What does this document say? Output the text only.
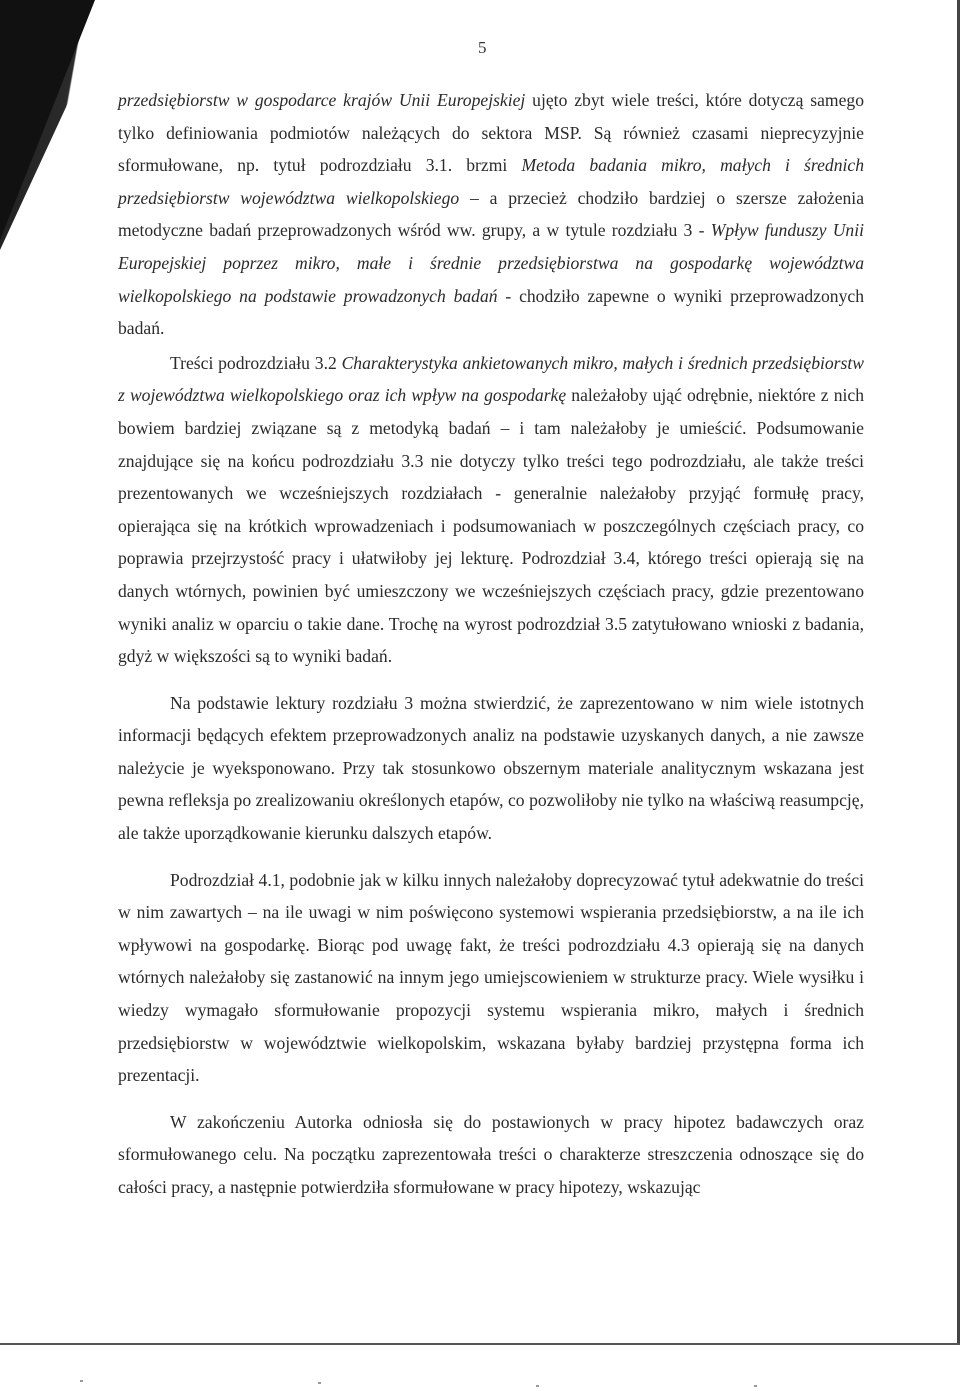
5

przedsiębiorstw w gospodarce krajów Unii Europejskiej ujęto zbyt wiele treści, które dotyczą samego tylko definiowania podmiotów należących do sektora MSP. Są również czasami nieprecyzyjnie sformułowane, np. tytuł podrozdziału 3.1. brzmi Metoda badania mikro, małych i średnich przedsiębiorstw województwa wielkopolskiego – a przecież chodziło bardziej o szersze założenia metodyczne badań przeprowadzonych wśród ww. grupy, a w tytule rozdziału 3 - Wpływ funduszy Unii Europejskiej poprzez mikro, małe i średnie przedsiębiorstwa na gospodarkę województwa wielkopolskiego na podstawie prowadzonych badań - chodziło zapewne o wyniki przeprowadzonych badań.

Treści podrozdziału 3.2 Charakterystyka ankietowanych mikro, małych i średnich przedsiębiorstw z województwa wielkopolskiego oraz ich wpływ na gospodarkę należałoby ująć odrębnie, niektóre z nich bowiem bardziej związane są z metodyką badań – i tam należałoby je umieścić. Podsumowanie znajdujące się na końcu podrozdziału 3.3 nie dotyczy tylko treści tego podrozdziału, ale także treści prezentowanych we wcześniejszych rozdziałach - generalnie należałoby przyjąć formułę pracy, opierająca się na krótkich wprowadzeniach i podsumowaniach w poszczególnych częściach pracy, co poprawia przejrzystość pracy i ułatwiłoby jej lekturę. Podrozdział 3.4, którego treści opierają się na danych wtórnych, powinien być umieszczony we wcześniejszych częściach pracy, gdzie prezentowano wyniki analiz w oparciu o takie dane. Trochę na wyrost podrozdział 3.5 zatytułowano wnioski z badania, gdyż w większości są to wyniki badań.

Na podstawie lektury rozdziału 3 można stwierdzić, że zaprezentowano w nim wiele istotnych informacji będących efektem przeprowadzonych analiz na podstawie uzyskanych danych, a nie zawsze należycie je wyeksponowano. Przy tak stosunkowo obszernym materiale analitycznym wskazana jest pewna refleksja po zrealizowaniu określonych etapów, co pozwoliłoby nie tylko na właściwą reasumpcję, ale także uporządkowanie kierunku dalszych etapów.

Podrozdział 4.1, podobnie jak w kilku innych należałoby doprecyzować tytuł adekwatnie do treści w nim zawartych – na ile uwagi w nim poświęcono systemowi wspierania przedsiębiorstw, a na ile ich wpływowi na gospodarkę. Biorąc pod uwagę fakt, że treści podrozdziału 4.3 opierają się na danych wtórnych należałoby się zastanowić na innym jego umiejscowieniem w strukturze pracy. Wiele wysiłku i wiedzy wymagało sformułowanie propozycji systemu wspierania mikro, małych i średnich przedsiębiorstw w województwie wielkopolskim, wskazana byłaby bardziej przystępna forma ich prezentacji.

W zakończeniu Autorka odniosła się do postawionych w pracy hipotez badawczych oraz sformułowanego celu. Na początku zaprezentowała treści o charakterze streszczenia odnoszące się do całości pracy, a następnie potwierdziła sformułowane w pracy hipotezy, wskazując
